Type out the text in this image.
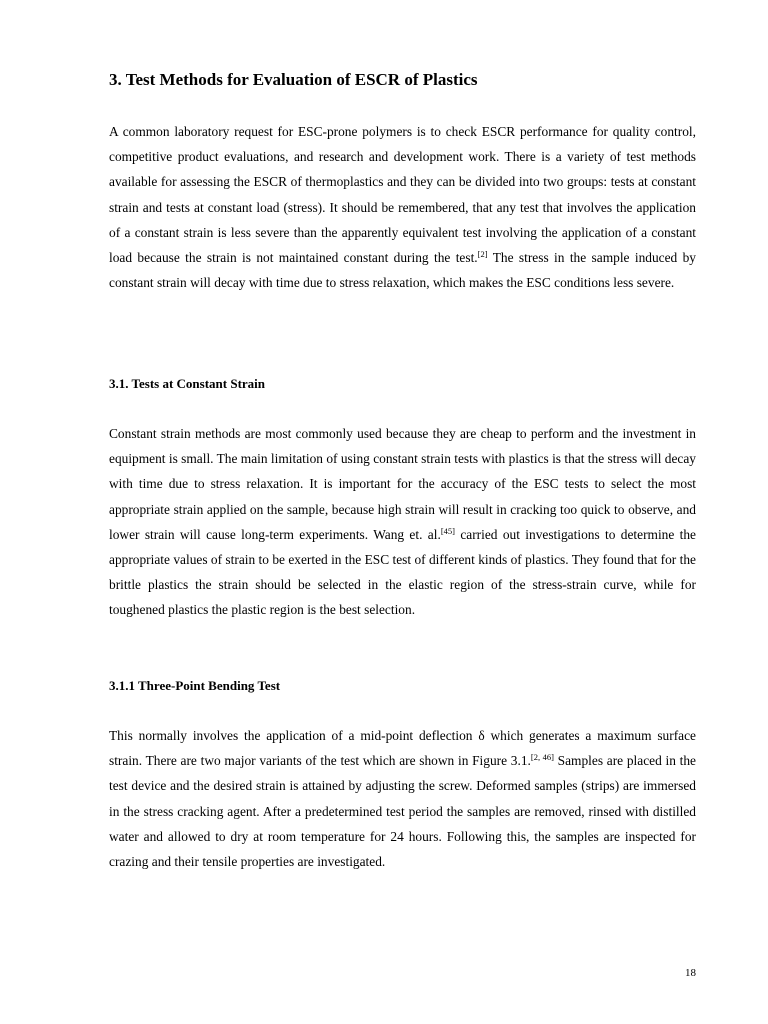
3. Test Methods for Evaluation of ESCR of Plastics

A common laboratory request for ESC-prone polymers is to check ESCR performance for quality control, competitive product evaluations, and research and development work. There is a variety of test methods available for assessing the ESCR of thermoplastics and they can be divided into two groups: tests at constant strain and tests at constant load (stress). It should be remembered, that any test that involves the application of a constant strain is less severe than the apparently equivalent test involving the application of a constant load because the strain is not maintained constant during the test.[2] The stress in the sample induced by constant strain will decay with time due to stress relaxation, which makes the ESC conditions less severe.

3.1. Tests at Constant Strain

Constant strain methods are most commonly used because they are cheap to perform and the investment in equipment is small. The main limitation of using constant strain tests with plastics is that the stress will decay with time due to stress relaxation. It is important for the accuracy of the ESC tests to select the most appropriate strain applied on the sample, because high strain will result in cracking too quick to observe, and lower strain will cause long-term experiments. Wang et. al.[45] carried out investigations to determine the appropriate values of strain to be exerted in the ESC test of different kinds of plastics. They found that for the brittle plastics the strain should be selected in the elastic region of the stress-strain curve, while for toughened plastics the plastic region is the best selection.

3.1.1 Three-Point Bending Test

This normally involves the application of a mid-point deflection δ which generates a maximum surface strain. There are two major variants of the test which are shown in Figure 3.1.[2, 46] Samples are placed in the test device and the desired strain is attained by adjusting the screw. Deformed samples (strips) are immersed in the stress cracking agent. After a predetermined test period the samples are removed, rinsed with distilled water and allowed to dry at room temperature for 24 hours. Following this, the samples are inspected for crazing and their tensile properties are investigated.

18
